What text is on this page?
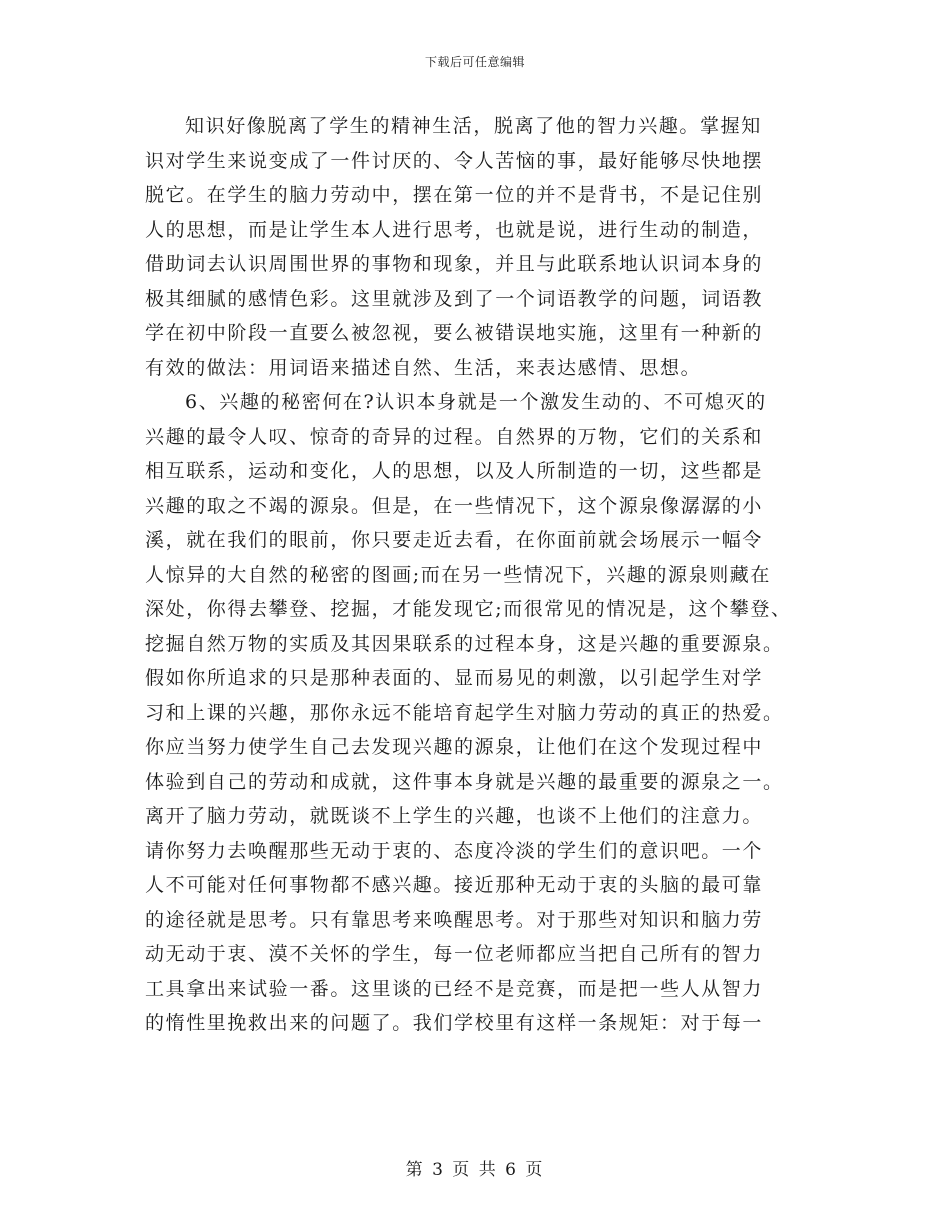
下载后可任意编辑
知识好像脱离了学生的精神生活，脱离了他的智力兴趣。掌握知
识对学生来说变成了一件讨厌的、令人苦恼的事，最好能够尽快地摆
脱它。在学生的脑力劳动中，摆在第一位的并不是背书，不是记住别
人的思想，而是让学生本人进行思考，也就是说，进行生动的制造，
借助词去认识周围世界的事物和现象，并且与此联系地认识词本身的
极其细腻的感情色彩。这里就涉及到了一个词语教学的问题，词语教
学在初中阶段一直要么被忽视，要么被错误地实施，这里有一种新的
有效的做法：用词语来描述自然、生活，来表达感情、思想。
6、兴趣的秘密何在?认识本身就是一个激发生动的、不可熄灭的
兴趣的最令人叹、惊奇的奇异的过程。自然界的万物，它们的关系和
相互联系，运动和变化，人的思想，以及人所制造的一切，这些都是
兴趣的取之不竭的源泉。但是，在一些情况下，这个源泉像潺潺的小
溪，就在我们的眼前，你只要走近去看，在你面前就会场展示一幅令
人惊异的大自然的秘密的图画;而在另一些情况下，兴趣的源泉则藏在
深处，你得去攀登、挖掘，才能发现它;而很常见的情况是，这个攀登、
挖掘自然万物的实质及其因果联系的过程本身，这是兴趣的重要源泉。
假如你所追求的只是那种表面的、显而易见的刺激，以引起学生对学
习和上课的兴趣，那你永远不能培育起学生对脑力劳动的真正的热爱。
你应当努力使学生自己去发现兴趣的源泉，让他们在这个发现过程中
体验到自己的劳动和成就，这件事本身就是兴趣的最重要的源泉之一。
离开了脑力劳动，就既谈不上学生的兴趣，也谈不上他们的注意力。
请你努力去唤醒那些无动于衷的、态度冷淡的学生们的意识吧。一个
人不可能对任何事物都不感兴趣。接近那种无动于衷的头脑的最可靠
的途径就是思考。只有靠思考来唤醒思考。对于那些对知识和脑力劳
动无动于衷、漠不关怀的学生，每一位老师都应当把自己所有的智力
工具拿出来试验一番。这里谈的已经不是竞赛，而是把一些人从智力
的惰性里挽救出来的问题了。我们学校里有这样一条规矩：对于每一
第 3 页 共 6 页
